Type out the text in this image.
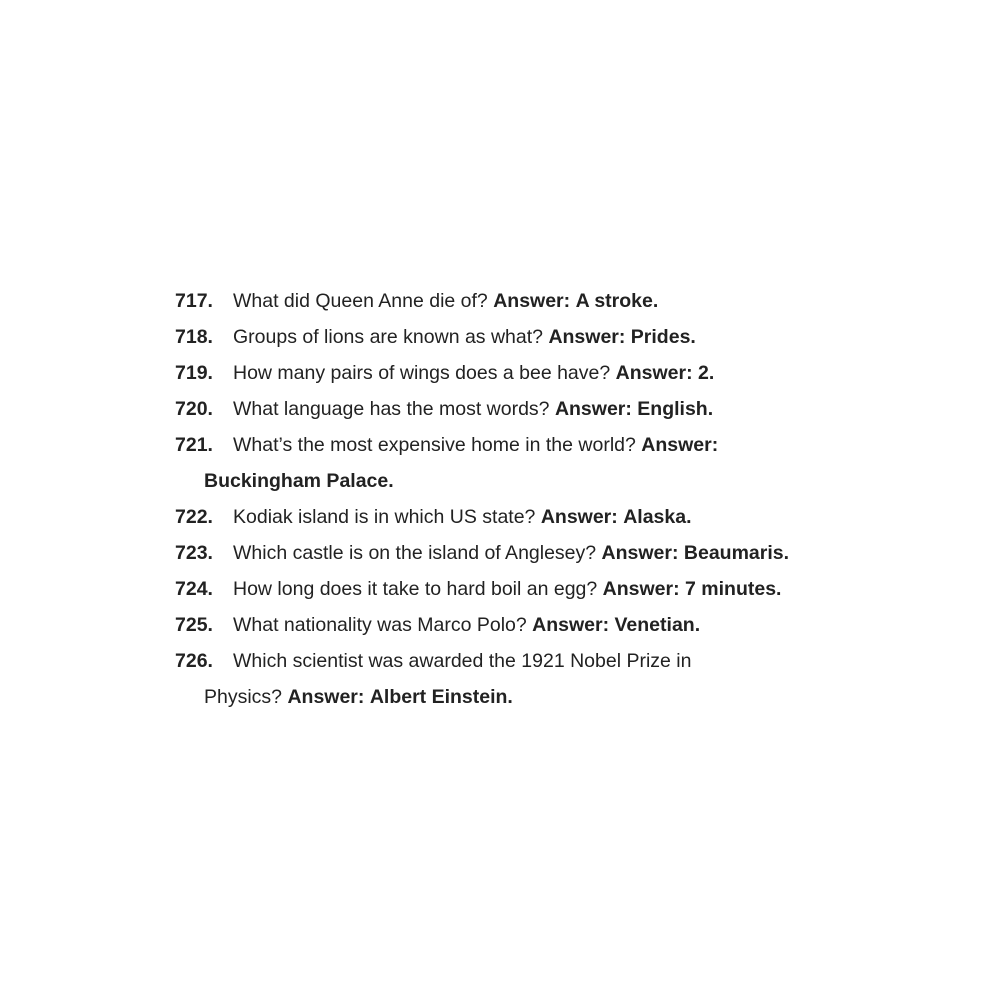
717. What did Queen Anne die of? Answer: A stroke.
718. Groups of lions are known as what? Answer: Prides.
719. How many pairs of wings does a bee have? Answer: 2.
720. What language has the most words? Answer: English.
721. What’s the most expensive home in the world? Answer:
Buckingham Palace.
722. Kodiak island is in which US state? Answer: Alaska.
723. Which castle is on the island of Anglesey? Answer: Beaumaris.
724. How long does it take to hard boil an egg? Answer: 7 minutes.
725. What nationality was Marco Polo? Answer: Venetian.
726. Which scientist was awarded the 1921 Nobel Prize in
Physics? Answer: Albert Einstein.
